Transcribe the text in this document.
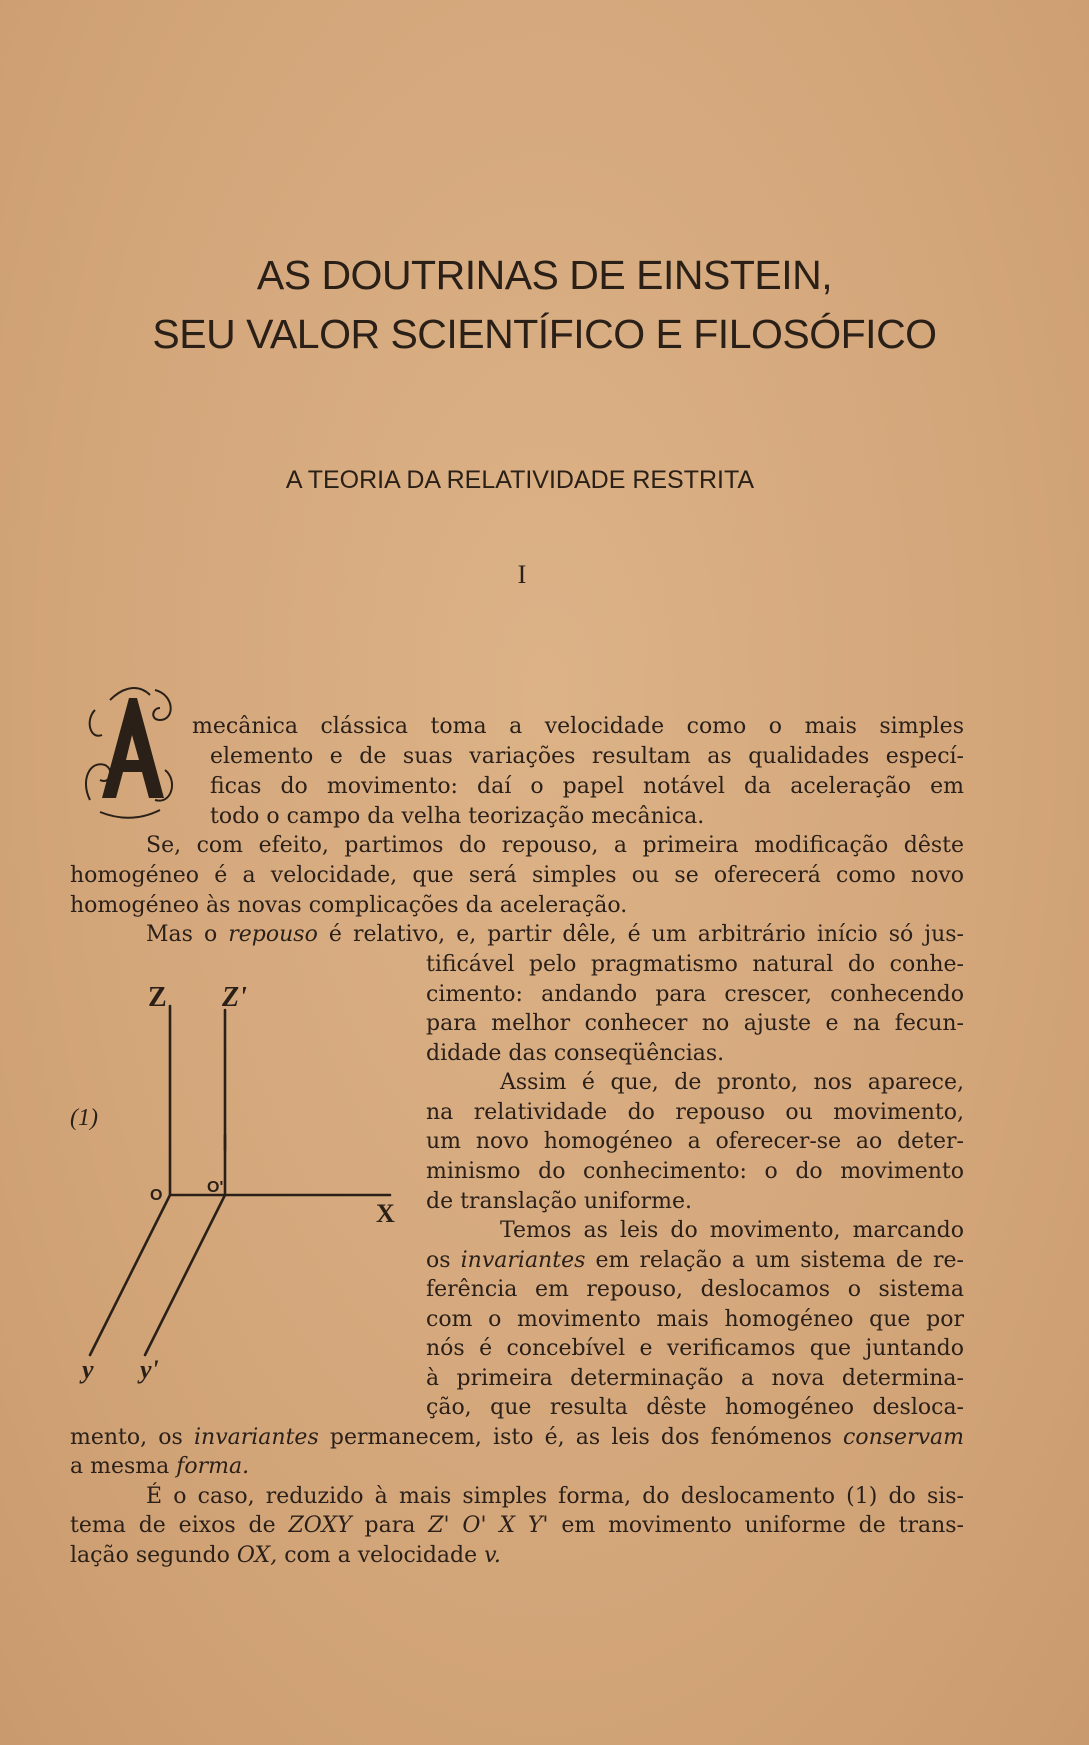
AS DOUTRINAS DE EINSTEIN,
SEU VALOR SCIENTÍFICO E FILOSÓFICO
A TEORIA DA RELATIVIDADE RESTRITA
I
mecânica clássica toma a velocidade como o mais simples
elemento e de suas variações resultam as qualidades especí-
ficas do movimento: daí o papel notável da aceleração em
todo o campo da velha teorização mecânica.
Se, com efeito, partimos do repouso, a primeira modificação dêste
homogéneo é a velocidade, que será simples ou se oferecerá como novo
homogéneo às novas complicações da aceleração.
Mas o repouso é relativo, e, partir dêle, é um arbitrário início só jus-
tificável pelo pragmatismo natural do conhe-
cimento: andando para crescer, conhecendo
para melhor conhecer no ajuste e na fecun-
didade das conseqüências.
Assim é que, de pronto, nos aparece,
na relatividade do repouso ou movimento,
um novo homogéneo a oferecer-se ao deter-
minismo do conhecimento: o do movimento
de translação uniforme.
Temos as leis do movimento, marcando
os invariantes em relação a um sistema de re-
ferência em repouso, deslocamos o sistema
com o movimento mais homogéneo que por
nós é concebível e verificamos que juntando
à primeira determinação a nova determina-
ção, que resulta dêste homogéneo desloca-
mento, os invariantes permanecem, isto é, as leis dos fenómenos conservam
a mesma forma.
É o caso, reduzido à mais simples forma, do deslocamento (1) do sis-
tema de eixos de ZOXY para Z' O' X Y' em movimento uniforme de trans-
lação segundo OX, com a velocidade v.
(1)
Z Z'
O	O'
X
y y'
